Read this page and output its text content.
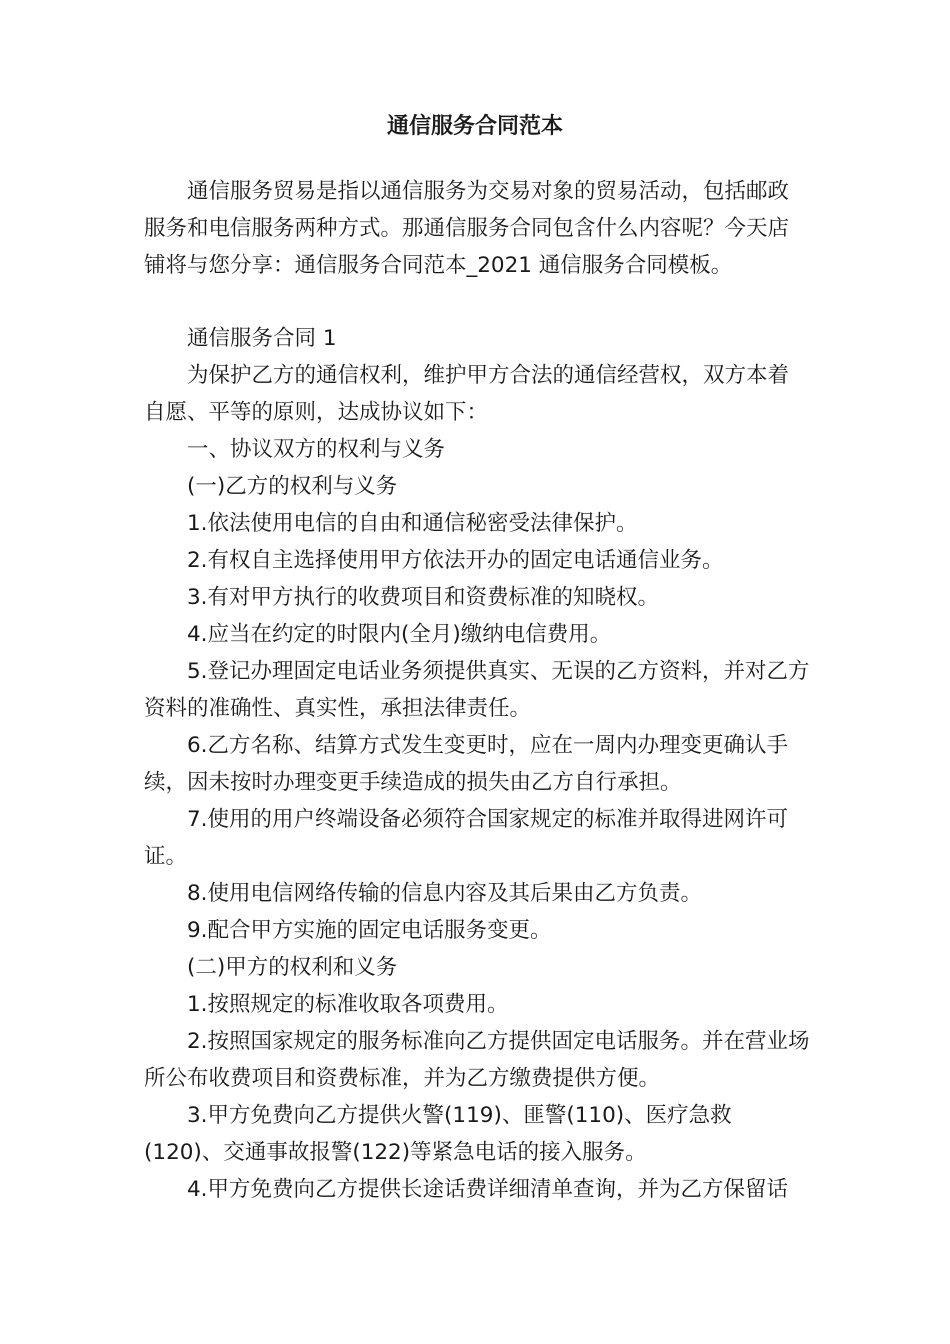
通信服务合同范本

通信服务贸易是指以通信服务为交易对象的贸易活动，包括邮政服务和电信服务两种方式。那通信服务合同包含什么内容呢？今天店铺将与您分享：通信服务合同范本_2021 通信服务合同模板。

通信服务合同 1

为保护乙方的通信权利，维护甲方合法的通信经营权，双方本着自愿、平等的原则，达成协议如下：

一、协议双方的权利与义务

(一)乙方的权利与义务

1.依法使用电信的自由和通信秘密受法律保护。

2.有权自主选择使用甲方依法开办的固定电话通信业务。

3.有对甲方执行的收费项目和资费标准的知晓权。

4.应当在约定的时限内(全月)缴纳电信费用。

5.登记办理固定电话业务须提供真实、无误的乙方资料，并对乙方资料的准确性、真实性，承担法律责任。

6.乙方名称、结算方式发生变更时，应在一周内办理变更确认手续，因未按时办理变更手续造成的损失由乙方自行承担。

7.使用的用户终端设备必须符合国家规定的标准并取得进网许可证。

8.使用电信网络传输的信息内容及其后果由乙方负责。

9.配合甲方实施的固定电话服务变更。

(二)甲方的权利和义务

1.按照规定的标准收取各项费用。

2.按照国家规定的服务标准向乙方提供固定电话服务。并在营业场所公布收费项目和资费标准，并为乙方缴费提供方便。

3.甲方免费向乙方提供火警(119)、匪警(110)、医疗急救(120)、交通事故报警(122)等紧急电话的接入服务。

4.甲方免费向乙方提供长途话费详细清单查询，并为乙方保留话
